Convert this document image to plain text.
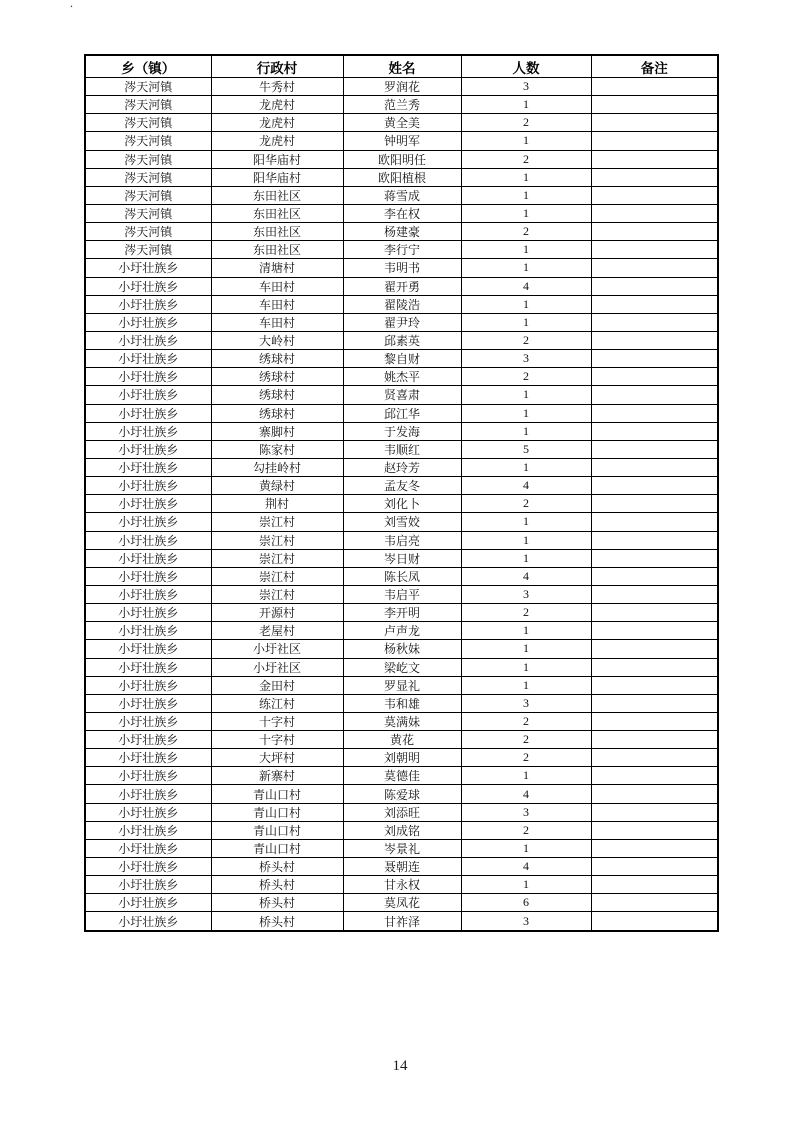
.
乡（镇）	行政村	姓名	人数	备注
涔天河镇	牛秀村	罗润花	3	
涔天河镇	龙虎村	范兰秀	1	
涔天河镇	龙虎村	黄全美	2	
涔天河镇	龙虎村	钟明军	1	
涔天河镇	阳华庙村	欧阳明任	2	
涔天河镇	阳华庙村	欧阳植根	1	
涔天河镇	东田社区	蒋雪成	1	
涔天河镇	东田社区	李在权	1	
涔天河镇	东田社区	杨建豪	2	
涔天河镇	东田社区	李行宁	1	
小圩壮族乡	清塘村	韦明书	1	
小圩壮族乡	车田村	翟开勇	4	
小圩壮族乡	车田村	翟陵浩	1	
小圩壮族乡	车田村	翟尹玲	1	
小圩壮族乡	大岭村	邱素英	2	
小圩壮族乡	绣球村	黎自财	3	
小圩壮族乡	绣球村	姚杰平	2	
小圩壮族乡	绣球村	贤喜肃	1	
小圩壮族乡	绣球村	邱江华	1	
小圩壮族乡	寨脚村	于发海	1	
小圩壮族乡	陈家村	韦顺红	5	
小圩壮族乡	勾挂岭村	赵玲芳	1	
小圩壮族乡	黄绿村	孟友冬	4	
小圩壮族乡	荆村	刘化卜	2	
小圩壮族乡	崇江村	刘雪姣	1	
小圩壮族乡	崇江村	韦启亮	1	
小圩壮族乡	崇江村	岑日财	1	
小圩壮族乡	崇江村	陈长凤	4	
小圩壮族乡	崇江村	韦启平	3	
小圩壮族乡	开源村	李开明	2	
小圩壮族乡	老屋村	卢声龙	1	
小圩壮族乡	小圩社区	杨秋妹	1	
小圩壮族乡	小圩社区	梁屹文	1	
小圩壮族乡	金田村	罗显礼	1	
小圩壮族乡	练江村	韦和雄	3	
小圩壮族乡	十字村	莫满妹	2	
小圩壮族乡	十字村	黄花	2	
小圩壮族乡	大坪村	刘朝明	2	
小圩壮族乡	新寨村	莫德佳	1	
小圩壮族乡	青山口村	陈爱球	4	
小圩壮族乡	青山口村	刘添旺	3	
小圩壮族乡	青山口村	刘成铭	2	
小圩壮族乡	青山口村	岑景礼	1	
小圩壮族乡	桥头村	聂朝连	4	
小圩壮族乡	桥头村	甘永权	1	
小圩壮族乡	桥头村	莫凤花	6	
小圩壮族乡	桥头村	甘祚泽	3	
14
